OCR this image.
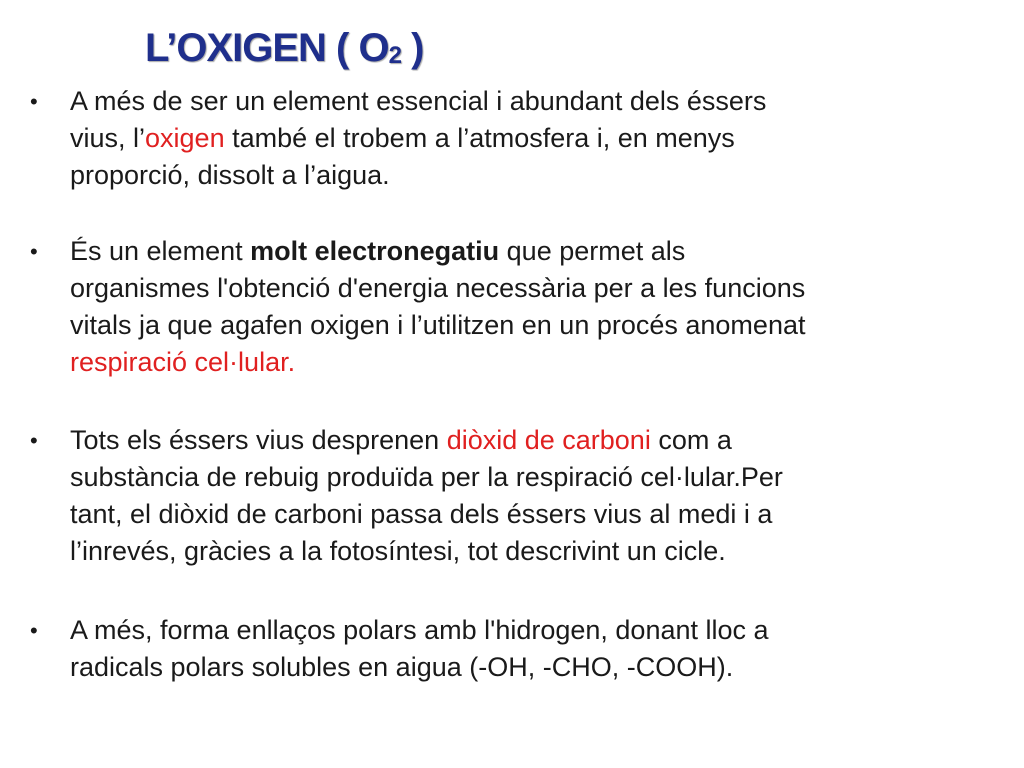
L’OXIGEN ( O2 )
•	A més de ser un element essencial i abundant dels éssers
vius, l’oxigen també el trobem a l’atmosfera i, en menys
proporció, dissolt a l’aigua.
•	És un element molt electronegatiu que permet als
organismes l'obtenció d'energia necessària per a les funcions
vitals ja que agafen oxigen i l’utilitzen en un procés anomenat
respiració cel·lular.
•	Tots els éssers vius desprenen diòxid de carboni com a
substància de rebuig produïda per la respiració cel·lular.Per
tant, el diòxid de carboni passa dels éssers vius al medi i a
l’inrevés, gràcies a la fotosíntesi, tot descrivint un cicle.
•	A més, forma enllaços polars amb l'hidrogen, donant lloc a
radicals polars solubles en aigua (-OH, -CHO, -COOH).
